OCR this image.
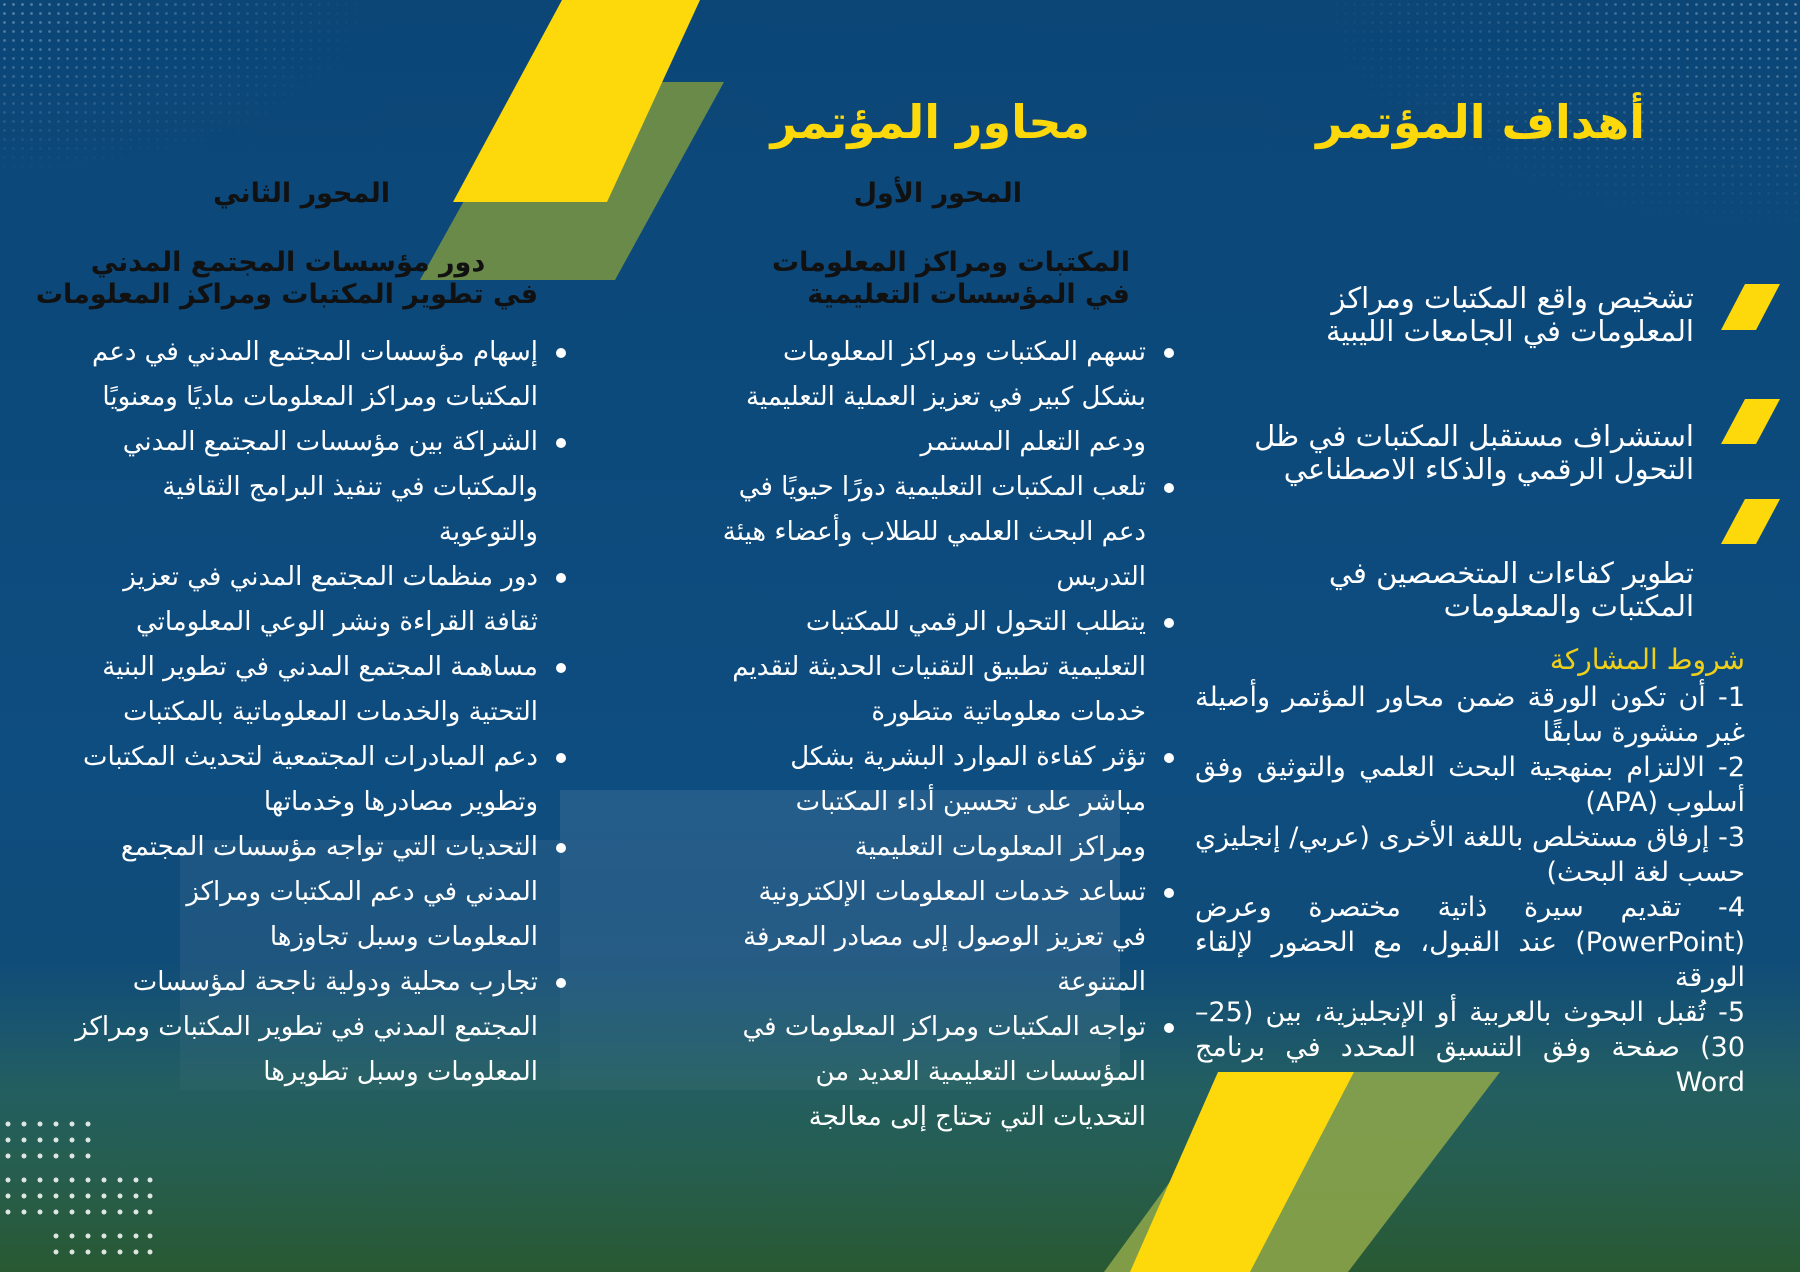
أهداف المؤتمر
تشخيص واقع المكتبات ومراكز المعلومات في الجامعات الليبية
استشراف مستقبل المكتبات في ظل التحول الرقمي والذكاء الاصطناعي
تطوير كفاءات المتخصصين في المكتبات والمعلومات
شروط المشاركة
1- أن تكون الورقة ضمن محاور المؤتمر وأصيلة غير منشورة سابقًا
2- الالتزام بمنهجية البحث العلمي والتوثيق وفق أسلوب (APA)
3- إرفاق مستخلص باللغة الأخرى (عربي/ إنجليزي حسب لغة البحث)
4- تقديم سيرة ذاتية مختصرة وعرض (PowerPoint) عند القبول، مع الحضور لإلقاء الورقة
5- تُقبل البحوث بالعربية أو الإنجليزية، بين (25–30) صفحة وفق التنسيق المحدد في برنامج Word
محاور المؤتمر
المحور الأول
المكتبات ومراكز المعلومات
في المؤسسات التعليمية
تسهم المكتبات ومراكز المعلومات بشكل كبير في تعزيز العملية التعليمية ودعم التعلم المستمر
تلعب المكتبات التعليمية دورًا حيويًا في دعم البحث العلمي للطلاب وأعضاء هيئة التدريس
يتطلب التحول الرقمي للمكتبات التعليمية تطبيق التقنيات الحديثة لتقديم خدمات معلوماتية متطورة
تؤثر كفاءة الموارد البشرية بشكل مباشر على تحسين أداء المكتبات ومراكز المعلومات التعليمية
تساعد خدمات المعلومات الإلكترونية في تعزيز الوصول إلى مصادر المعرفة المتنوعة
تواجه المكتبات ومراكز المعلومات في المؤسسات التعليمية العديد من التحديات التي تحتاج إلى معالجة
المحور الثاني
دور مؤسسات المجتمع المدني
في تطوير المكتبات ومراكز المعلومات
إسهام مؤسسات المجتمع المدني في دعم المكتبات ومراكز المعلومات ماديًا ومعنويًا
الشراكة بين مؤسسات المجتمع المدني والمكتبات في تنفيذ البرامج الثقافية والتوعوية
دور منظمات المجتمع المدني في تعزيز ثقافة القراءة ونشر الوعي المعلوماتي
مساهمة المجتمع المدني في تطوير البنية التحتية والخدمات المعلوماتية بالمكتبات
دعم المبادرات المجتمعية لتحديث المكتبات وتطوير مصادرها وخدماتها
التحديات التي تواجه مؤسسات المجتمع المدني في دعم المكتبات ومراكز المعلومات وسبل تجاوزها
تجارب محلية ودولية ناجحة لمؤسسات المجتمع المدني في تطوير المكتبات ومراكز المعلومات وسبل تطويرها
